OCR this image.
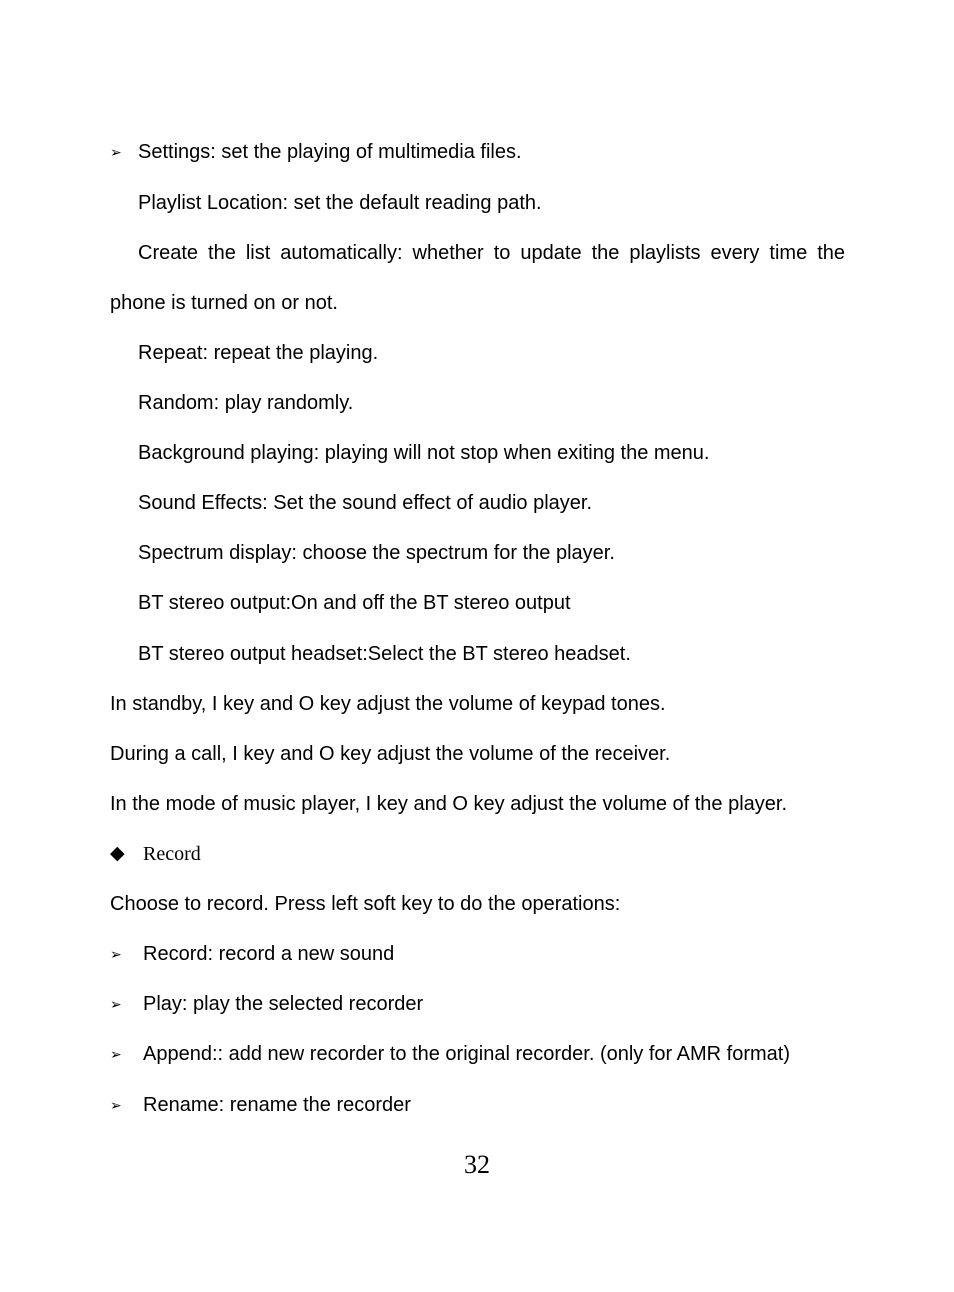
➢ Settings: set the playing of multimedia files.
Playlist Location: set the default reading path.
Create the list automatically: whether to update the playlists every time the
phone is turned on or not.
Repeat: repeat the playing.
Random: play randomly.
Background playing: playing will not stop when exiting the menu.
Sound Effects: Set the sound effect of audio player.
Spectrum display: choose the spectrum for the player.
BT stereo output:On and off the BT stereo output
BT stereo output headset:Select the BT stereo headset.
In standby, I key and O key adjust the volume of keypad tones.
During a call, I key and O key adjust the volume of the receiver.
In the mode of music player, I key and O key adjust the volume of the player.
◆ Record
Choose to record. Press left soft key to do the operations:
➢ Record: record a new sound
➢ Play: play the selected recorder
➢ Append:: add new recorder to the original recorder. (only for AMR format)
➢ Rename: rename the recorder
32
